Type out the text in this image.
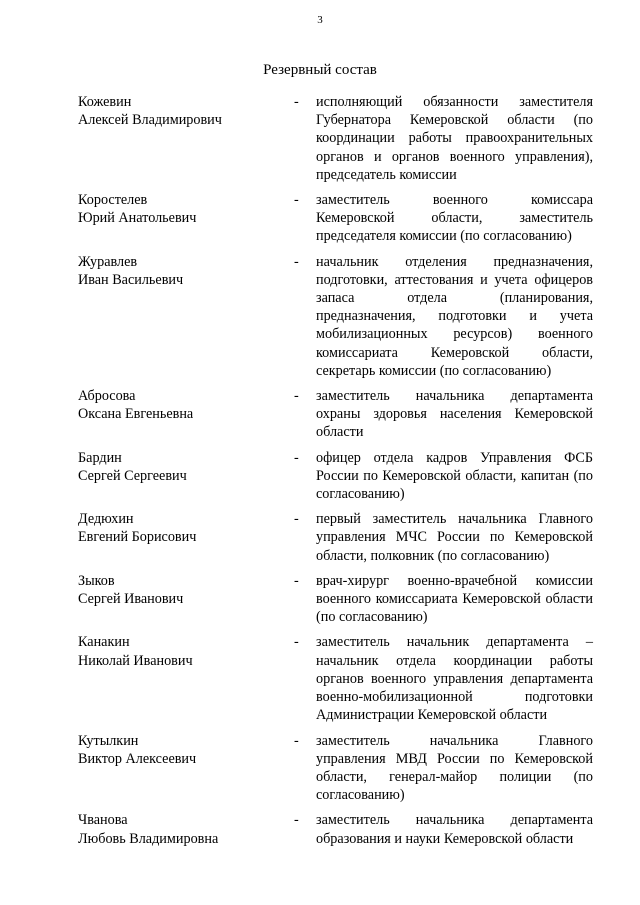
3
Резервный состав
Кожевин
Алексей Владимирович
-	исполняющий обязанности заместителя Губернатора Кемеровской области (по координации работы правоохранительных органов и органов военного управления), председатель комиссии
Коростелев
Юрий Анатольевич
-	заместитель военного комиссара Кемеровской области, заместитель председателя комиссии (по согласованию)
Журавлев
Иван Васильевич
-	начальник отделения предназначения, подготовки, аттестования и учета офицеров запаса отдела (планирования, предназначения, подготовки и учета мобилизационных ресурсов) военного комиссариата Кемеровской области, секретарь комиссии (по согласованию)
Абросова
Оксана Евгеньевна
-	заместитель начальника департамента охраны здоровья населения Кемеровской области
Бардин
Сергей Сергеевич
-	офицер отдела кадров Управления ФСБ России по Кемеровской области, капитан (по согласованию)
Дедюхин
Евгений Борисович
-	первый заместитель начальника Главного управления МЧС России по Кемеровской области, полковник (по согласованию)
Зыков
Сергей Иванович
-	врач-хирург военно-врачебной комиссии военного комиссариата Кемеровской области (по согласованию)
Канакин
Николай Иванович
-	заместитель начальник департамента – начальник отдела координации работы органов военного управления департамента военно-мобилизационной подготовки Администрации Кемеровской области
Кутылкин
Виктор Алексеевич
-	заместитель начальника Главного управления МВД России по Кемеровской области, генерал-майор полиции (по согласованию)
Чванова
Любовь Владимировна
-	заместитель начальника департамента образования и науки Кемеровской области
